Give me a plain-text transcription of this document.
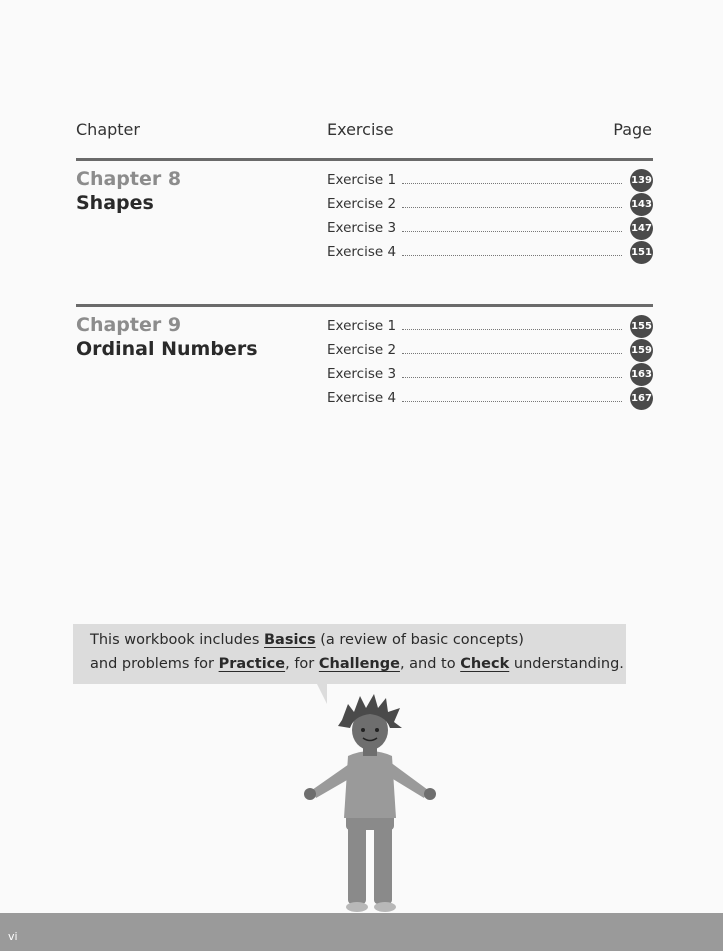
Chapter	Exercise	Page
Chapter 8
Shapes
Exercise 1	139
Exercise 2	143
Exercise 3	147
Exercise 4	151
Chapter 9
Ordinal Numbers
Exercise 1	155
Exercise 2	159
Exercise 3	163
Exercise 4	167
This workbook includes Basics (a review of basic concepts)
and problems for Practice, for Challenge, and to Check understanding.
vi
